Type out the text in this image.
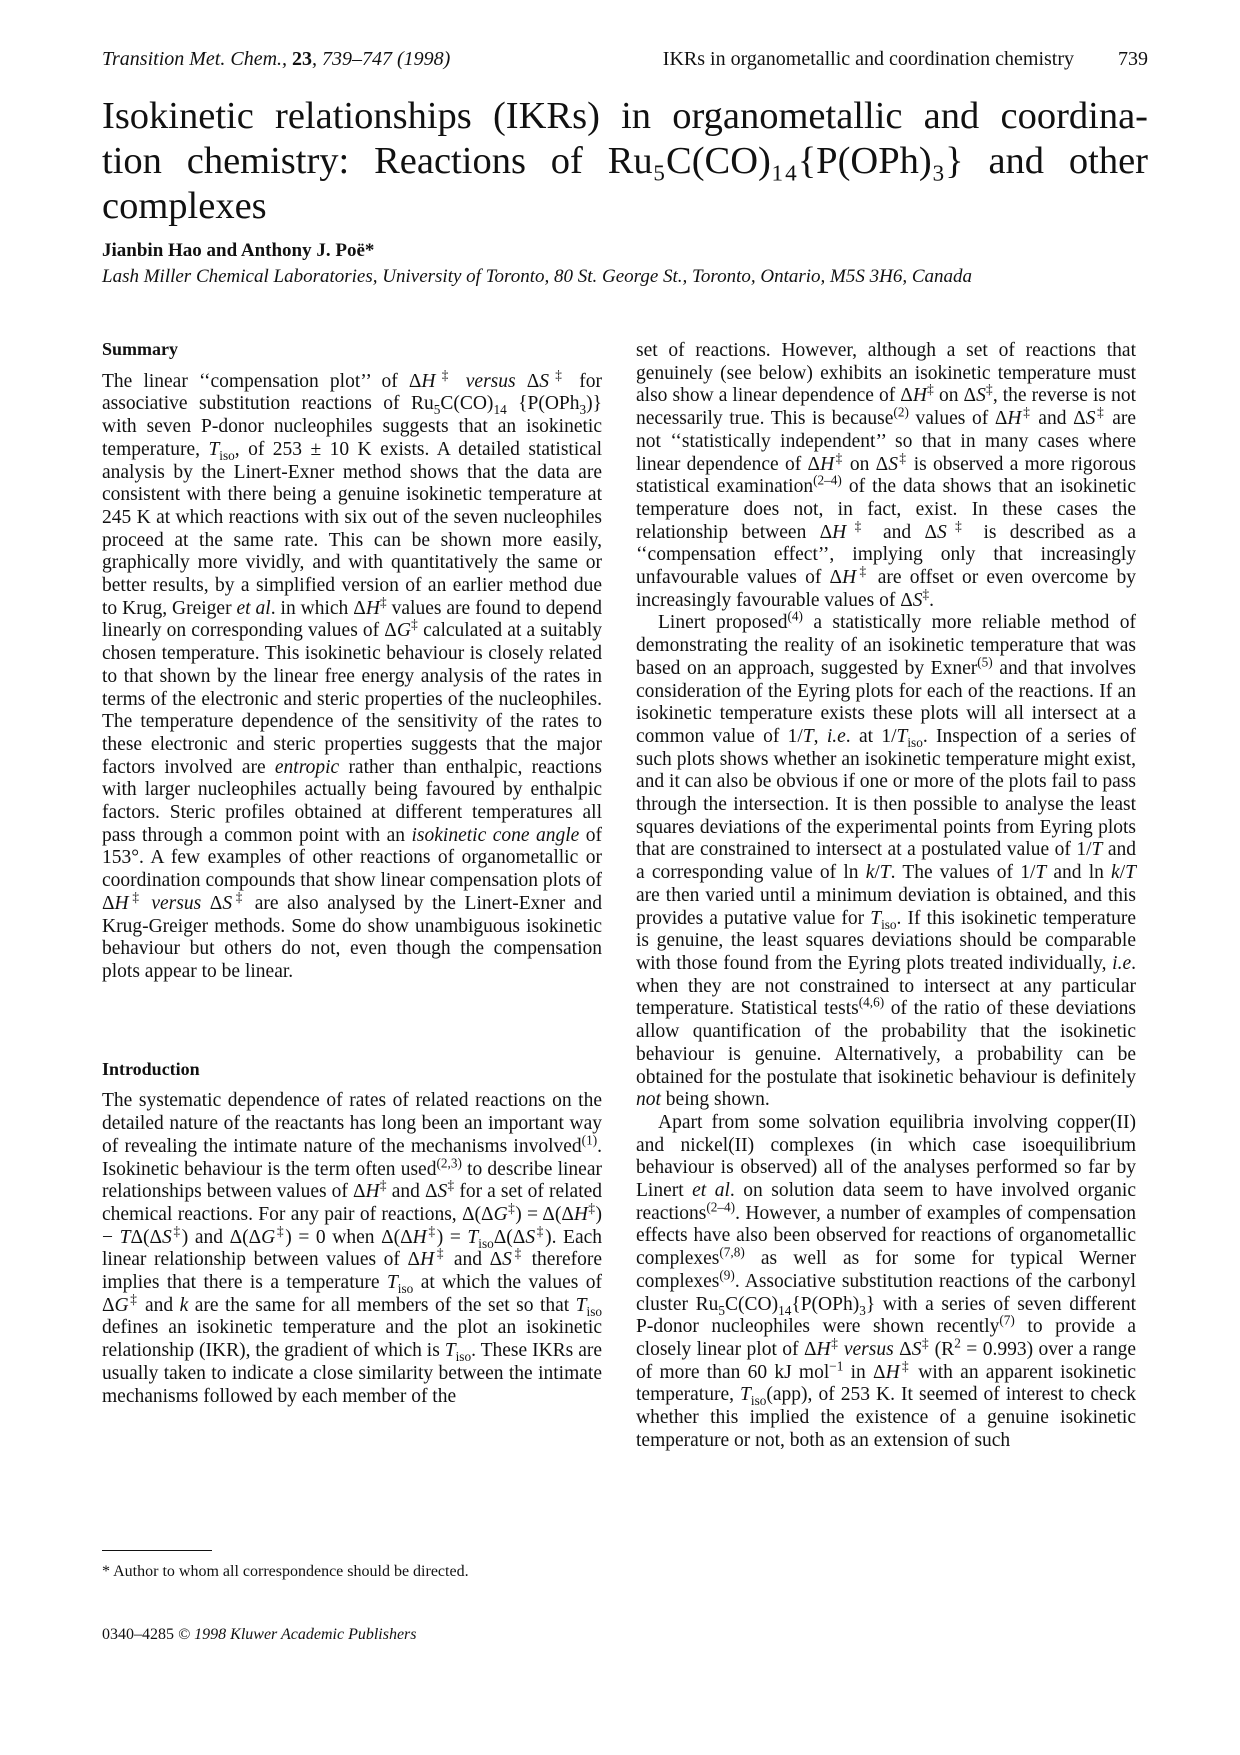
Transition Met. Chem., 23, 739–747 (1998)	IKRs in organometallic and coordination chemistry 739
Isokinetic relationships (IKRs) in organometallic and coordina-
tion chemistry: Reactions of Ru₅C(CO)₁₄{P(OPh)₃} and other
complexes
Jianbin Hao and Anthony J. Poë*
Lash Miller Chemical Laboratories, University of Toronto, 80 St. George St., Toronto, Ontario, M5S 3H6, Canada
Summary

The linear ‘‘compensation plot’’ of ΔH‡ versus ΔS‡ for associative substitution reactions of $Ru_5C(CO)_{14}$ {P(OPh$_3$)} with seven P-donor nucleophiles suggests that an isokinetic temperature, $T_{iso}$, of 253 ± 10 K exists. A detailed statistical analysis by the Linert-Exner method shows that the data are consistent with there being a genuine isokinetic temperature at 245 K at which reactions with six out of the seven nucleophiles proceed at the same rate. This can be shown more easily, graphically more vividly, and with quantitatively the same or better results, by a simplified version of an earlier method due to Krug, Greiger et al. in which ΔH‡ values are found to depend linearly on corresponding values of ΔG‡ calculated at a suitably chosen temperature. This isokinetic behaviour is closely related to that shown by the linear free energy analysis of the rates in terms of the electronic and steric properties of the nucleophiles. The temperature dependence of the sensitivity of the rates to these electronic and steric properties suggests that the major factors involved are entropic rather than enthalpic, reactions with larger nucleophiles actually being favoured by enthalpic factors. Steric profiles obtained at different temperatures all pass through a common point with an isokinetic cone angle of 153°. A few examples of other reactions of organometallic or coordination compounds that show linear compensation plots of ΔH‡ versus ΔS‡ are also analysed by the Linert-Exner and Krug-Greiger methods. Some do show unambiguous isokinetic behaviour but others do not, even though the compensation plots appear to be linear.

Introduction

The systematic dependence of rates of related reactions on the detailed nature of the reactants has long been an important way of revealing the intimate nature of the mechanisms involved$^{(1)}$. Isokinetic behaviour is the term often used$^{(2,3)}$ to describe linear relationships between values of ΔH‡ and ΔS‡ for a set of related chemical reactions. For any pair of reactions, Δ(ΔG‡) = Δ(ΔH‡) − TΔ(ΔS‡) and Δ(ΔG‡) = 0 when $\Delta(\Delta H^\ddagger) = T_{iso}\Delta(\Delta S^\ddagger)$. Each linear relationship between values of ΔH‡ and ΔS‡ therefore implies that there is a temperature $T_{iso}$ at which the values of ΔG‡ and k are the same for all members of the set so that $T_{iso}$ defines an isokinetic temperature and the plot an isokinetic relationship (IKR), the gradient of which is $T_{iso}$. These IKRs are usually taken to indicate a close similarity between the intimate mechanisms followed by each member of the

set of reactions. However, although a set of reactions that genuinely (see below) exhibits an isokinetic temperature must also show a linear dependence of ΔH‡ on ΔS‡, the reverse is not necessarily true. This is because$^{(2)}$ values of ΔH‡ and ΔS‡ are not ‘‘statistically independent’’ so that in many cases where linear dependence of ΔH‡ on ΔS‡ is observed a more rigorous statistical examination$^{(2-4)}$ of the data shows that an isokinetic temperature does not, in fact, exist. In these cases the relationship between ΔH‡ and ΔS‡ is described as a ‘‘compensation effect’’, implying only that increasingly unfavourable values of ΔH‡ are offset or even overcome by increasingly favourable values of ΔS‡.

Linert proposed$^{(4)}$ a statistically more reliable method of demonstrating the reality of an isokinetic temperature that was based on an approach, suggested by Exner$^{(5)}$ and that involves consideration of the Eyring plots for each of the reactions. If an isokinetic temperature exists these plots will all intersect at a common value of 1/T, i.e. at $1/T_{iso}$. Inspection of a series of such plots shows whether an isokinetic temperature might exist, and it can also be obvious if one or more of the plots fail to pass through the intersection. It is then possible to analyse the least squares deviations of the experimental points from Eyring plots that are constrained to intersect at a postulated value of 1/T and a corresponding value of ln k/T. The values of 1/T and ln k/T are then varied until a minimum deviation is obtained, and this provides a putative value for $T_{iso}$. If this isokinetic temperature is genuine, the least squares deviations should be comparable with those found from the Eyring plots treated individually, i.e. when they are not constrained to intersect at any particular temperature. Statistical tests$^{(4,6)}$ of the ratio of these deviations allow quantification of the probability that the isokinetic behaviour is genuine. Alternatively, a probability can be obtained for the postulate that isokinetic behaviour is definitely not being shown.

Apart from some solvation equilibria involving copper(II) and nickel(II) complexes (in which case isoequilibrium behaviour is observed) all of the analyses performed so far by Linert et al. on solution data seem to have involved organic reactions$^{(2-4)}$. However, a number of examples of compensation effects have also been observed for reactions of organometallic complexes$^{(7,8)}$ as well as for some for typical Werner complexes$^{(9)}$. Associative substitution reactions of the carbonyl cluster $Ru_5C(CO)_{14}\{P(OPh)_3\}$ with a series of seven different P-donor nucleophiles were shown recently$^{(7)}$ to provide a closely linear plot of ΔH‡ versus ΔS‡ $(R^2 = 0.993)$ over a range of more than 60 kJ mol$^{-1}$ in ΔH‡ with an apparent isokinetic temperature, $T_{iso}(app)$, of 253 K. It seemed of interest to check whether this implied the existence of a genuine isokinetic temperature or not, both as an extension of such

* Author to whom all correspondence should be directed.
0340–4285 © 1998 Kluwer Academic Publishers
